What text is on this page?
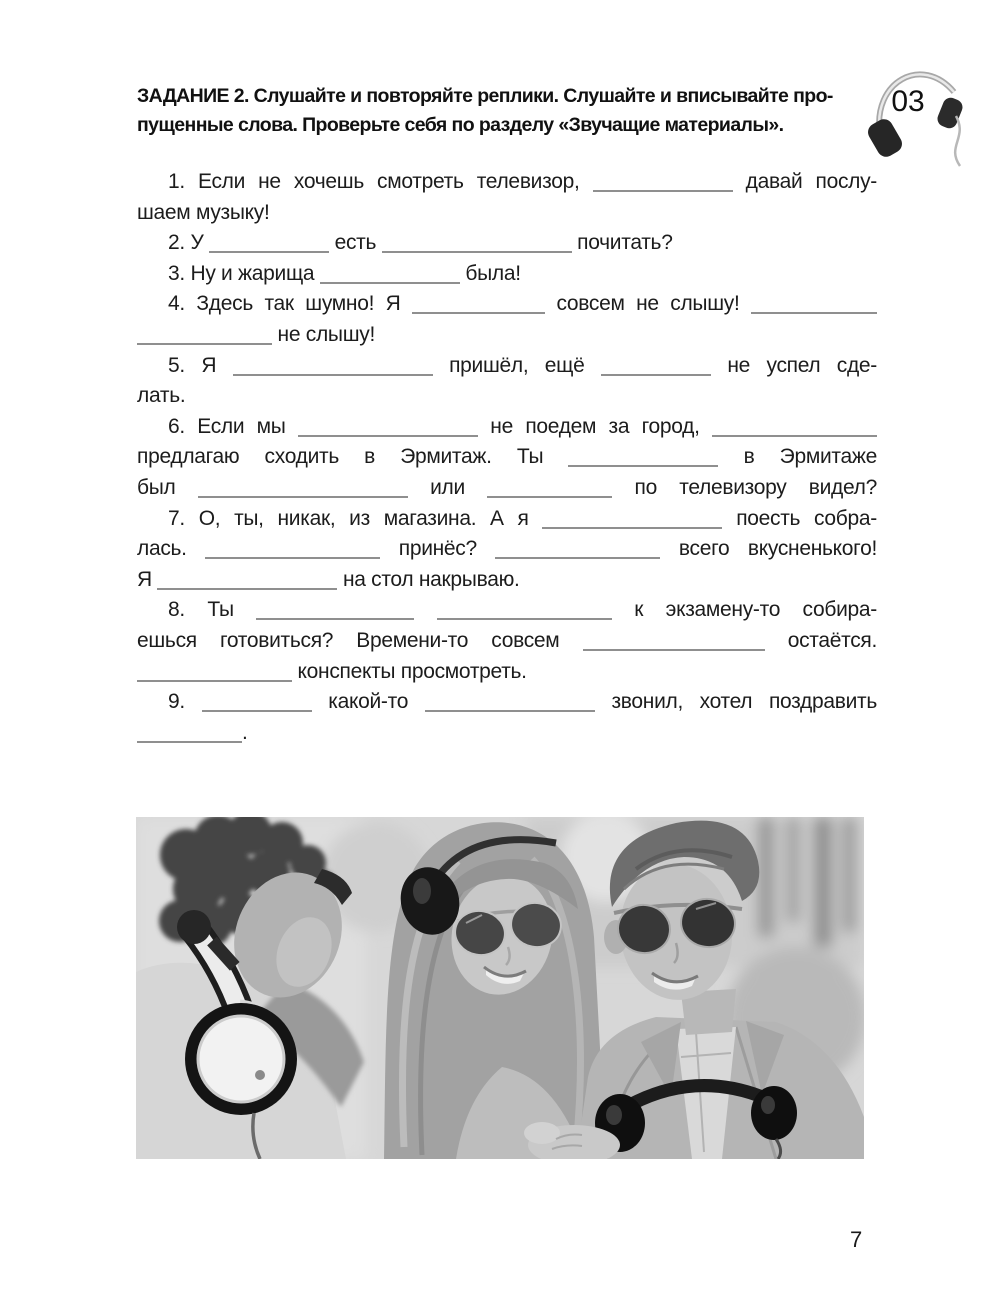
ЗАДАНИЕ 2. Слушайте и повторяйте реплики. Слушайте и вписывайте про-
пущенные слова. Проверьте себя по разделу «Звучащие материалы».
03
1. Если не хочешь смотреть телевизор,	давай послу-
шаем музыку!
2. У	есть	почитать?
3. Ну и жарища	была!
4. Здесь так шумно! Я	совсем не слышу!
не слышу!
5. Я	пришёл, ещё	не успел сде-
лать.
6. Если мы	не поедем за город,
предлагаю сходить в Эрмитаж. Ты	в Эрмитаже
был	или	по телевизору видел?
7. О, ты, никак, из магазина. А я	поесть собра-
лась.	принёс?	всего вкусненького!
Я	на стол накрываю.
8. Ты	к экзамену-то собира-
ешься готовиться? Времени-то совсем	остаётся.
конспекты просмотреть.
9.	какой-то	звонил, хотел поздравить
.
7
